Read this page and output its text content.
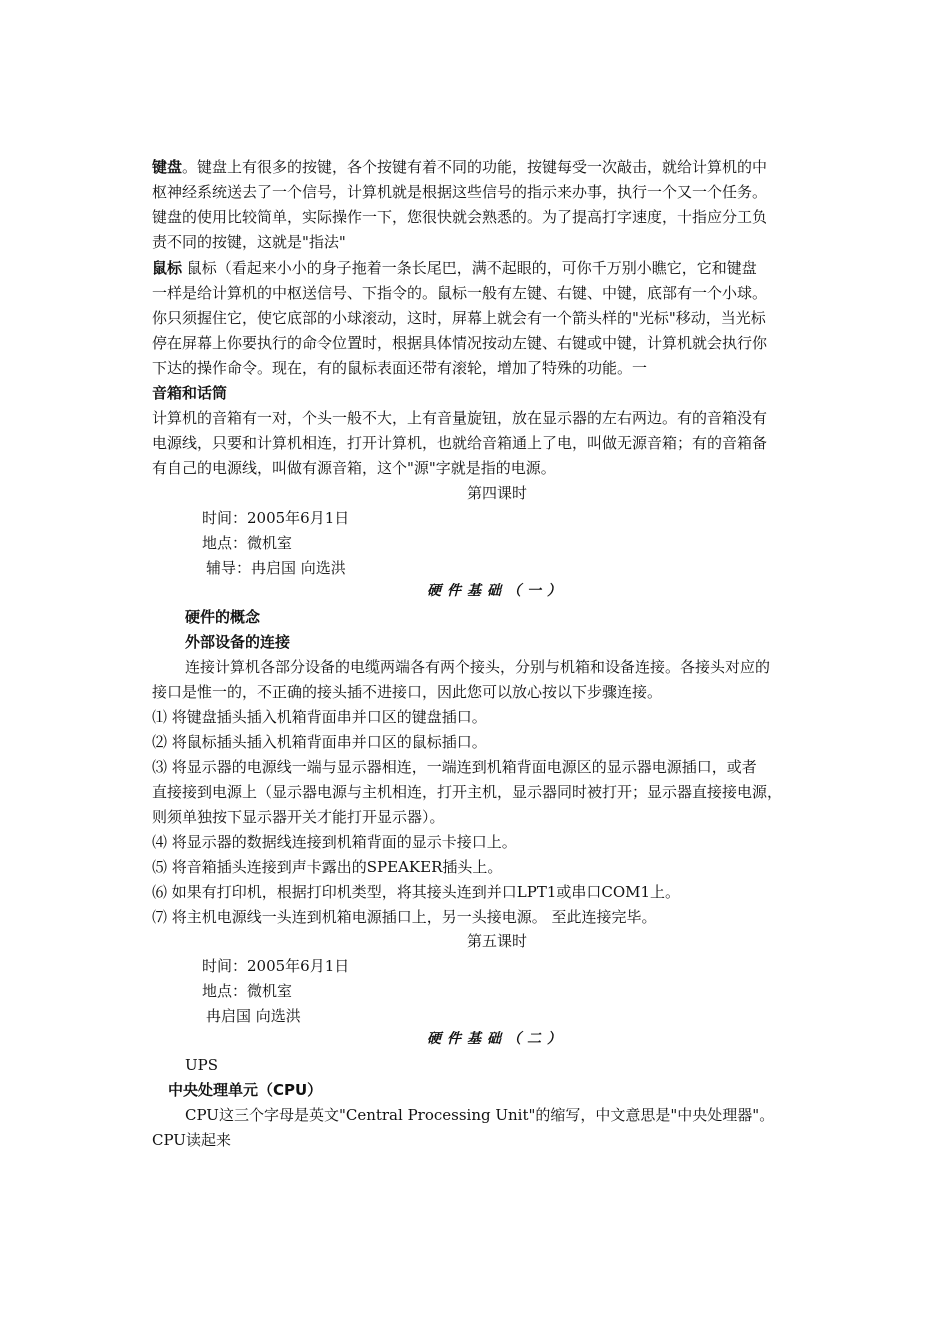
键盘。键盘上有很多的按键，各个按键有着不同的功能，按键每受一次敲击，就给计算机的中
枢神经系统送去了一个信号，计算机就是根据这些信号的指示来办事，执行一个又一个任务。
键盘的使用比较简单，实际操作一下，您很快就会熟悉的。为了提高打字速度，十指应分工负
责不同的按键，这就是"指法"
鼠标 鼠标（看起来小小的身子拖着一条长尾巴，满不起眼的，可你千万别小瞧它，它和键盘
一样是给计算机的中枢送信号、下指令的。鼠标一般有左键、右键、中键，底部有一个小球。
你只须握住它，使它底部的小球滚动，这时，屏幕上就会有一个箭头样的"光标"移动，当光标
停在屏幕上你要执行的命令位置时，根据具体情况按动左键、右键或中键，计算机就会执行你
下达的操作命令。现在，有的鼠标表面还带有滚轮，增加了特殊的功能。一
音箱和话筒
计算机的音箱有一对，个头一般不大，上有音量旋钮，放在显示器的左右两边。有的音箱没有
电源线，只要和计算机相连，打开计算机，也就给音箱通上了电，叫做无源音箱；有的音箱备
有自己的电源线，叫做有源音箱，这个"源"字就是指的电源。
第四课时
时间：2005年6月1日
地点：微机室
辅导：冉启国 向选洪
硬件基础（一）
硬件的概念
外部设备的连接
连接计算机各部分设备的电缆两端各有两个接头，分别与机箱和设备连接。各接头对应的
接口是惟一的，不正确的接头插不进接口，因此您可以放心按以下步骤连接。
⑴ 将键盘插头插入机箱背面串并口区的键盘插口。
⑵ 将鼠标插头插入机箱背面串并口区的鼠标插口。
⑶ 将显示器的电源线一端与显示器相连，一端连到机箱背面电源区的显示器电源插口，或者
直接接到电源上（显示器电源与主机相连，打开主机，显示器同时被打开；显示器直接接电源，
则须单独按下显示器开关才能打开显示器）。
⑷ 将显示器的数据线连接到机箱背面的显示卡接口上。
⑸ 将音箱插头连接到声卡露出的SPEAKER插头上。
⑹ 如果有打印机，根据打印机类型，将其接头连到并口LPT1或串口COM1上。
⑺ 将主机电源线一头连到机箱电源插口上，另一头接电源。 至此连接完毕。
第五课时
时间：2005年6月1日
地点：微机室
冉启国 向选洪
硬件基础（二）
UPS
中央处理单元（CPU）
CPU这三个字母是英文"Central Processing Unit"的缩写，中文意思是"中央处理器"。
CPU读起来
